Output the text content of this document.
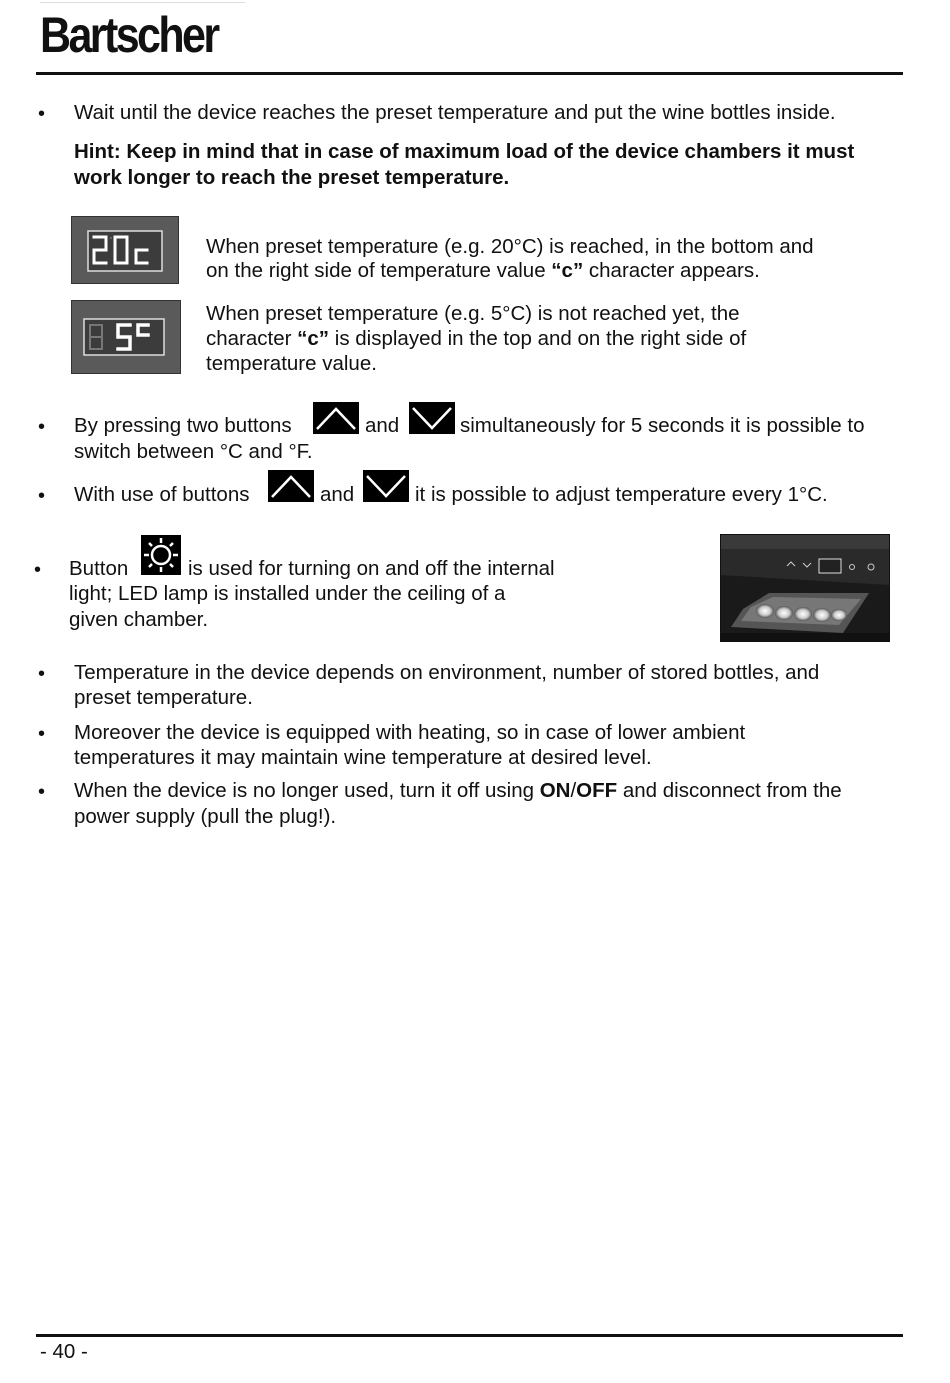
Bartscher
• Wait until the device reaches the preset temperature and put the wine bottles inside.
Hint: Keep in mind that in case of maximum load of the device chambers it must
work longer to reach the preset temperature.
When preset temperature (e.g. 20°C) is reached, in the bottom and
on the right side of temperature value “c” character appears.
When preset temperature (e.g. 5°C) is not reached yet, the
character “c” is displayed in the top and on the right side of
temperature value.
• By pressing two buttons	and	simultaneously for 5 seconds it is possible to
switch between °C and °F.
• With use of buttons	and	it is possible to adjust temperature every 1°C.
• Button	is used for turning on and off the internal
light; LED lamp is installed under the ceiling of a
given chamber.
• Temperature in the device depends on environment, number of stored bottles, and
preset temperature.
• Moreover the device is equipped with heating, so in case of lower ambient
temperatures it may maintain wine temperature at desired level.
• When the device is no longer used, turn it off using ON/OFF and disconnect from the
power supply (pull the plug!).
- 40 -
